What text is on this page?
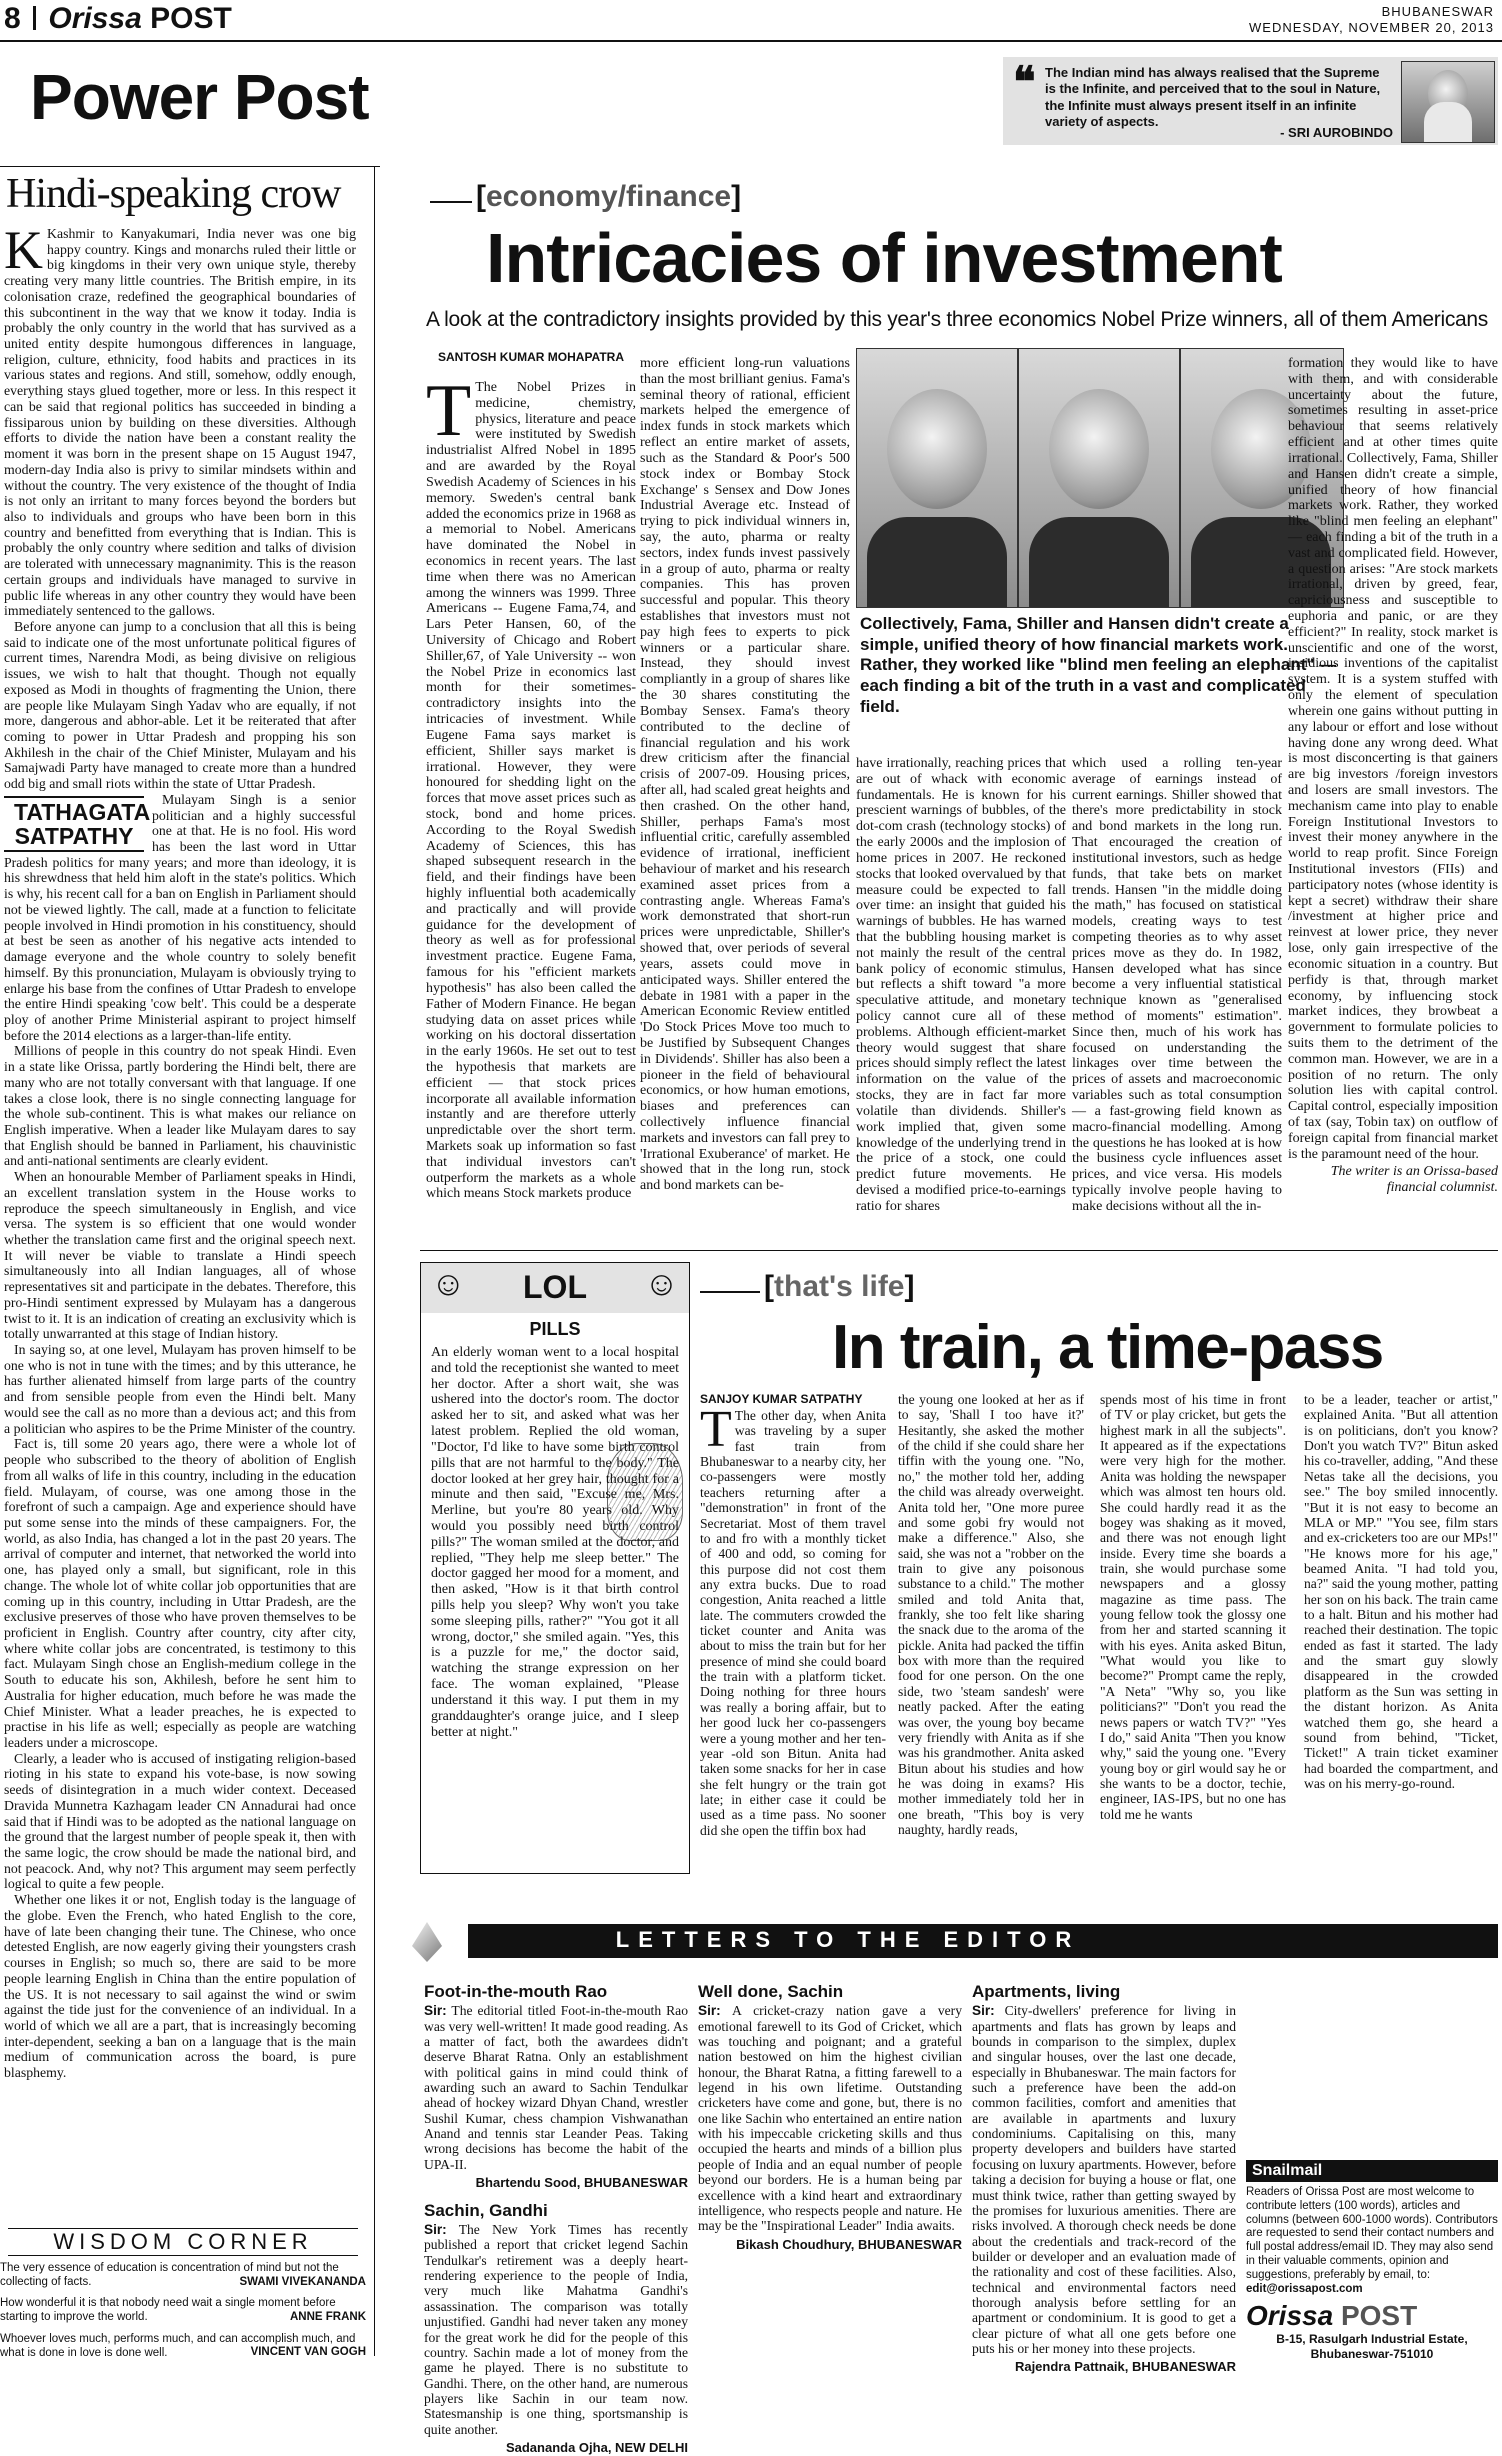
8 Orissa POST	BHUBANESWAR
WEDNESDAY, NOVEMBER 20, 2013
Power Post	❝ The Indian mind has always realised that the Supreme is the Infinite, and perceived that to the soul in Nature, the Infinite must always present itself in an infinite variety of aspects.
- SRI AUROBINDO
Hindi-speaking crow

K Kashmir to Kanyakumari, India never was one big happy country. Kings and monarchs ruled their little or big kingdoms in their very own unique style, thereby creating very many little countries. The British empire, in its colonisation craze, redefined the geographical boundaries of this subcontinent in the way that we know it today. India is probably the only country in the world that has survived as a united entity despite humongous differences in language, religion, culture, ethnicity, food habits and practices in its various states and regions. And still, somehow, oddly enough, everything stays glued together, more or less. In this respect it can be said that regional politics has succeeded in binding a fissiparous union by building on these diversities. Although efforts to divide the nation have been a constant reality the moment it was born in the present shape on 15 August 1947, modern-day India also is privy to similar mindsets within and without the country. The very existence of the thought of India is not only an irritant to many forces beyond the borders but also to individuals and groups who have been born in this country and benefitted from everything that is Indian. This is probably the only country where sedition and talks of division are tolerated with unnecessary magnanimity. This is the reason certain groups and individuals have managed to survive in public life whereas in any other country they would have been immediately sentenced to the gallows.

Before anyone can jump to a conclusion that all this is being said to indicate one of the most unfortunate political figures of current times, Narendra Modi, as being divisive on religious issues, we wish to halt that thought. Though not equally exposed as Modi in thoughts of fragmenting the Union, there are people like Mulayam Singh Yadav who are equally, if not more, dangerous and abhor-able. Let it be reiterated that after coming to power in Uttar Pradesh and propping his son Akhilesh in the chair of the Chief Minister, Mulayam and his Samajwadi Party have managed to create more than a hundred odd big and small riots within the state of Uttar Pradesh.

TATHAGATA
SATPATHY
Mulayam Singh is a senior politician and a highly successful one at that. He is no fool. His word has been the last word in Uttar Pradesh politics for many years; and more than ideology, it is his shrewdness that held him aloft in the state's politics. Which is why, his recent call for a ban on English in Parliament should not be viewed lightly. The call, made at a function to felicitate people involved in Hindi promotion in his constituency, should at best be seen as another of his negative acts intended to damage everyone and the whole country to solely benefit himself. By this pronunciation, Mulayam is obviously trying to enlarge his base from the confines of Uttar Pradesh to envelope the entire Hindi speaking 'cow belt'. This could be a desperate ploy of another Prime Ministerial aspirant to project himself before the 2014 elections as a larger-than-life entity.

Millions of people in this country do not speak Hindi. Even in a state like Orissa, partly bordering the Hindi belt, there are many who are not totally conversant with that language. If one takes a close look, there is no single connecting language for the whole sub-continent. This is what makes our reliance on English imperative. When a leader like Mulayam dares to say that English should be banned in Parliament, his chauvinistic and anti-national sentiments are clearly evident.

When an honourable Member of Parliament speaks in Hindi, an excellent translation system in the House works to reproduce the speech simultaneously in English, and vice versa. The system is so efficient that one would wonder whether the translation came first and the original speech next. It will never be viable to translate a Hindi speech simultaneously into all Indian languages, all of whose representatives sit and participate in the debates. Therefore, this pro-Hindi sentiment expressed by Mulayam has a dangerous twist to it. It is an indication of creating an exclusivity which is totally unwarranted at this stage of Indian history.

In saying so, at one level, Mulayam has proven himself to be one who is not in tune with the times; and by this utterance, he has further alienated himself from large parts of the country and from sensible people from even the Hindi belt. Many would see the call as no more than a devious act; and this from a politician who aspires to be the Prime Minister of the country.

Fact is, till some 20 years ago, there were a whole lot of people who subscribed to the theory of abolition of English from all walks of life in this country, including in the education field. Mulayam, of course, was one among those in the forefront of such a campaign. Age and experience should have put some sense into the minds of these campaigners. For, the world, as also India, has changed a lot in the past 20 years. The arrival of computer and internet, that networked the world into one, has played only a small, but significant, role in this change. The whole lot of white collar job opportunities that are coming up in this country, including in Uttar Pradesh, are the exclusive preserves of those who have proven themselves to be proficient in English. Country after country, city after city, where white collar jobs are concentrated, is testimony to this fact. Mulayam Singh chose an English-medium college in the South to educate his son, Akhilesh, before he sent him to Australia for higher education, much before he was made the Chief Minister. What a leader preaches, he is expected to practise in his life as well; especially as people are watching leaders under a microscope.

Clearly, a leader who is accused of instigating religion-based rioting in his state to expand his vote-base, is now sowing seeds of disintegration in a much wider context. Deceased Dravida Munnetra Kazhagam leader CN Annadurai had once said that if Hindi was to be adopted as the national language on the ground that the largest number of people speak it, then with the same logic, the crow should be made the national bird, and not peacock. And, why not? This argument may seem perfectly logical to quite a few people.

Whether one likes it or not, English today is the language of the globe. Even the French, who hated English to the core, have of late been changing their tune. The Chinese, who once detested English, are now eagerly giving their youngsters crash courses in English; so much so, there are said to be more people learning English in China than the entire population of the US. It is not necessary to sail against the wind or swim against the tide just for the convenience of an individual. In a world of which we all are a part, that is increasingly becoming inter-dependent, seeking a ban on a language that is the main medium of communication across the board, is pure blasphemy.

WISDOM CORNER
The very essence of education is concentration of mind but not the collecting of facts.	SWAMI VIVEKANANDA
How wonderful it is that nobody need wait a single moment before starting to improve the world.	ANNE FRANK
Whoever loves much, performs much, and can accomplish much, and what is done in love is done well.	VINCENT VAN GOGH
[economy/finance]
Intricacies of investment
A look at the contradictory insights provided by this year's three economics Nobel Prize winners, all of them Americans
SANTOSH KUMAR MOHAPATRA
T The Nobel Prizes in medicine, chemistry, physics, literature and peace were instituted by Swedish industrialist Alfred Nobel in 1895 and are awarded by the Royal Swedish Academy of Sciences in his memory. Sweden's central bank added the economics prize in 1968 as a memorial to Nobel. Americans have dominated the Nobel in economics in recent years. The last time when there was no American among the winners was 1999. Three Americans -- Eugene Fama,74, and Lars Peter Hansen, 60, of the University of Chicago and Robert Shiller,67, of Yale University -- won the Nobel Prize in economics last month for their sometimes-contradictory insights into the intricacies of investment. While Eugene Fama says market is efficient, Shiller says market is irrational. However, they were honoured for shedding light on the forces that move asset prices such as stock, bond and home prices. According to the Royal Swedish Academy of Sciences, this has shaped subsequent research in the field, and their findings have been highly influential both academically and practically and will provide guidance for the development of theory as well as for professional investment practice. Eugene Fama, famous for his "efficient markets hypothesis" has also been called the Father of Modern Finance. He began studying data on asset prices while working on his doctoral dissertation in the early 1960s. He set out to test the hypothesis that markets are efficient — that stock prices incorporate all available information instantly and are therefore utterly unpredictable over the short term. Markets soak up information so fast that individual investors can't outperform the markets as a whole which means Stock markets produce
more efficient long-run valuations than the most brilliant genius. Fama's seminal theory of rational, efficient markets helped the emergence of index funds in stock markets which reflect an entire market of assets, such as the Standard & Poor's 500 stock index or Bombay Stock Exchange' s Sensex and Dow Jones Industrial Average etc. Instead of trying to pick individual winners in, say, the auto, pharma or realty sectors, index funds invest passively in a group of auto, pharma or realty companies. This has proven successful and popular. This theory establishes that investors must not pay high fees to experts to pick winners or a particular share. Instead, they should invest compliantly in a group of shares like the 30 shares constituting the Bombay Sensex. Fama's theory contributed to the decline of financial regulation and his work drew criticism after the financial crisis of 2007-09. Housing prices, after all, had scaled great heights and then crashed. On the other hand, Shiller, perhaps Fama's most influential critic, carefully assembled evidence of irrational, inefficient behaviour of market and his research examined asset prices from a contrasting angle. Whereas Fama's work demonstrated that short-run prices were unpredictable, Shiller's showed that, over periods of several years, assets could move in anticipated ways. Shiller entered the debate in 1981 with a paper in the American Economic Review entitled 'Do Stock Prices Move too much to be Justified by Subsequent Changes in Dividends'. Shiller has also been a pioneer in the field of behavioural economics, or how human emotions, biases and preferences can collectively influence financial markets and investors can fall prey to 'Irrational Exuberance' of market. He showed that in the long run, stock and bond markets can be-
Collectively, Fama, Shiller and Hansen didn't create a simple, unified theory of how financial markets work. Rather, they worked like "blind men feeling an elephant" — each finding a bit of the truth in a vast and complicated field.
have irrationally, reaching prices that are out of whack with economic fundamentals. He is known for his prescient warnings of bubbles, of the dot-com crash (technology stocks) of the early 2000s and the implosion of home prices in 2007. He reckoned stocks that looked overvalued by that measure could be expected to fall over time: an insight that guided his warnings of bubbles. He has warned that the bubbling housing market is not mainly the result of the central bank policy of economic stimulus, but reflects a shift toward "a more speculative attitude, and monetary policy cannot cure all of these problems. Although efficient-market theory would suggest that share prices should simply reflect the latest information on the value of the stocks, they are in fact far more volatile than dividends. Shiller's work implied that, given some knowledge of the underlying trend in the price of a stock, one could predict future movements. He devised a modified price-to-earnings ratio for shares
which used a rolling ten-year average of earnings instead of current earnings. Shiller showed that there's more predictability in stock and bond markets in the long run. That encouraged the creation of institutional investors, such as hedge funds, that take bets on market trends. Hansen "in the middle doing the math," has focused on statistical models, creating ways to test competing theories as to why asset prices move as they do. In 1982, Hansen developed what has since become a very influential statistical technique known as "generalised method of moments" estimation". Since then, much of his work has focused on understanding the linkages over time between the prices of assets and macroeconomic variables such as total consumption — a fast-growing field known as macro-financial modelling. Among the questions he has looked at is how the business cycle influences asset prices, and vice versa. His models typically involve people having to make decisions without all the in-
formation they would like to have with them, and with considerable uncertainty about the future, sometimes resulting in asset-price behaviour that seems relatively efficient and at other times quite irrational. Collectively, Fama, Shiller and Hansen didn't create a simple, unified theory of how financial markets work. Rather, they worked like "blind men feeling an elephant" — each finding a bit of the truth in a vast and complicated field. However, a question arises: "Are stock markets irrational, driven by greed, fear, capriciousness and susceptible to euphoria and panic, or are they efficient?" In reality, stock market is unscientific and one of the worst, insidious inventions of the capitalist system. It is a system stuffed with only the element of speculation wherein one gains without putting in any labour or effort and lose without having done any wrong deed. What is most disconcerting is that gainers are big investors /foreign investors and losers are small investors. The mechanism came into play to enable Foreign Institutional Investors to invest their money anywhere in the world to reap profit. Since Foreign Institutional investors (FIIs) and participatory notes (whose identity is kept a secret) withdraw their share /investment at higher price and reinvest at lower price, they never lose, only gain irrespective of the economic situation in a country. But perfidy is that, through market economy, by influencing stock market indices, they browbeat a government to formulate policies to suits them to the detriment of the common man. However, we are in a position of no return. The only solution lies with capital control. Capital control, especially imposition of tax (say, Tobin tax) on outflow of foreign capital from financial market is the paramount need of the hour.
The writer is an Orissa-based financial columnist.
☺	☺
LOL
PILLS
An elderly woman went to a local hospital and told the receptionist she wanted to meet her doctor. After a short wait, she was ushered into the doctor's room. The doctor asked her to sit, and asked what was her latest problem. Replied the old woman, "Doctor, I'd like to have some birth control pills that are not harmful to the body." The doctor looked at her grey hair, thought for a minute and then said, "Excuse me, Mrs. Merline, but you're 80 years old. Why would you possibly need birth control pills?" The woman smiled at the doctor, and replied, "They help me sleep better." The doctor gagged her mood for a moment, and then asked, "How is it that birth control pills help you sleep? Why won't you take some sleeping pills, rather?" "You got it all wrong, doctor," she smiled again. "Yes, this is a puzzle for me," the doctor said, watching the strange expression on her face. The woman explained, "Please understand it this way. I put them in my granddaughter's orange juice, and I sleep better at night."
[that's life]
In train, a time-pass
SANJOY KUMAR SATPATHY
T The other day, when Anita was traveling by a super fast train from Bhubaneswar to a nearby city, her co-passengers were mostly teachers returning after a "demonstration" in front of the Secretariat. Most of them travel to and fro with a monthly ticket of 400 and odd, so coming for this purpose did not cost them any extra bucks. Due to road congestion, Anita reached a little late. The commuters crowded the ticket counter and Anita was about to miss the train but for her presence of mind she could board the train with a platform ticket. Doing nothing for three hours was really a boring affair, but to her good luck her co-passengers were a young mother and her ten-year -old son Bitun. Anita had taken some snacks for her in case she felt hungry or the train got late; in either case it could be used as a time pass. No sooner did she open the tiffin box had
the young one looked at her as if to say, 'Shall I too have it?' Hesitantly, she asked the mother of the child if she could share her tiffin with the young one. "No, no," the mother told her, adding the child was already overweight. Anita told her, "One more puree and some gobi fry would not make a difference." Also, she said, she was not a "robber on the train to give any poisonous substance to a child." The mother smiled and told Anita that, frankly, she too felt like sharing the snack due to the aroma of the pickle. Anita had packed the tiffin box with more than the required food for one person. On the one side, two 'steam sandesh' were neatly packed. After the eating was over, the young boy became very friendly with Anita as if she was his grandmother. Anita asked Bitun about his studies and how he was doing in exams? His mother immediately told her in one breath, "This boy is very naughty, hardly reads,
spends most of his time in front of TV or play cricket, but gets the highest mark in all the subjects". It appeared as if the expectations were very high for the mother. Anita was holding the newspaper which was almost ten hours old. She could hardly read it as the bogey was shaking as it moved, and there was not enough light inside. Every time she boards a train, she would purchase some newspapers and a glossy magazine as time pass. The young fellow took the glossy one from her and started scanning it with his eyes. Anita asked Bitun, "What would you like to become?" Prompt came the reply, "A Neta" "Why so, you like politicians?" "Don't you read the news papers or watch TV?" "Yes I do," said Anita "Then you know why," said the young one. "Every young boy or girl would say he or she wants to be a doctor, techie, engineer, IAS-IPS, but no one has told me he wants
to be a leader, teacher or artist," explained Anita. "But all attention is on politicians, don't you know? Don't you watch TV?" Bitun asked his co-traveller, adding, "And these Netas take all the decisions, you see." The boy smiled innocently. "But it is not easy to become an MLA or MP." "You see, film stars and ex-cricketers too are our MPs!" "He knows more for his age," beamed Anita. "I had told you, na?" said the young mother, patting her son on his back. The train came to a halt. Bitun and his mother had reached their destination. The topic ended as fast it started. The lady and the smart guy slowly disappeared in the crowded platform as the Sun was setting in the distant horizon. As Anita watched them go, she heard a sound from behind, "Ticket, Ticket!" A train ticket examiner had boarded the compartment, and was on his merry-go-round.
LETTERS TO THE EDITOR
Foot-in-the-mouth Rao
Sir: The editorial titled Foot-in-the-mouth Rao was very well-written! It made good reading. As a matter of fact, both the awardees didn't deserve Bharat Ratna. Only an establishment with political gains in mind could think of awarding such an award to Sachin Tendulkar ahead of hockey wizard Dhyan Chand, wrestler Sushil Kumar, chess champion Vishwanathan Anand and tennis star Leander Peas. Taking wrong decisions has become the habit of the UPA-II.
Bhartendu Sood, BHUBANESWAR
Sachin, Gandhi
Sir: The New York Times has recently published a report that cricket legend Sachin Tendulkar's retirement was a deeply heart-rendering experience to the people of India, very much like Mahatma Gandhi's assassination. The comparison was totally unjustified. Gandhi had never taken any money for the great work he did for the people of this country. Sachin made a lot of money from the game he played. There is no substitute to Gandhi. There, on the other hand, are numerous players like Sachin in our team now. Statesmanship is one thing, sportsmanship is quite another.
Sadananda Ojha, NEW DELHI
Well done, Sachin
Sir: A cricket-crazy nation gave a very emotional farewell to its God of Cricket, which was touching and poignant; and a grateful nation bestowed on him the highest civilian honour, the Bharat Ratna, a fitting farewell to a legend in his own lifetime. Outstanding cricketers have come and gone, but, there is no one like Sachin who entertained an entire nation with his impeccable cricketing skills and thus occupied the hearts and minds of a billion plus people of India and an equal number of people beyond our borders. He is a human being par excellence with a kind heart and extraordinary intelligence, who respects people and nature. He may be the "Inspirational Leader" India awaits.
Bikash Choudhury, BHUBANESWAR
Apartments, living
Sir: City-dwellers' preference for living in apartments and flats has grown by leaps and bounds in comparison to the simplex, duplex and singular houses, over the last one decade, especially in Bhubaneswar. The main factors for such a preference have been the add-on common facilities, comfort and amenities that are available in apartments and luxury condominiums. Capitalising on this, many property developers and builders have started focusing on luxury apartments. However, before taking a decision for buying a house or flat, one must think twice, rather than getting swayed by the promises for luxurious amenities. There are risks involved. A thorough check needs be done about the credentials and track-record of the builder or developer and an evaluation made of the rationality and cost of these facilities. Also, technical and environmental factors need thorough analysis before settling for an apartment or condominium. It is good to get a clear picture of what all one gets before one puts his or her money into these projects.
Rajendra Pattnaik, BHUBANESWAR
Snailmail
Readers of Orissa Post are most welcome to contribute letters (100 words), articles and columns (between 600-1000 words). Contributors are requested to send their contact numbers and full postal address/email ID. They may also send in their valuable comments, opinion and suggestions, preferably by email, to: edit@orissapost.com
Orissa POST
B-15, Rasulgarh Industrial Estate,
Bhubaneswar-751010
